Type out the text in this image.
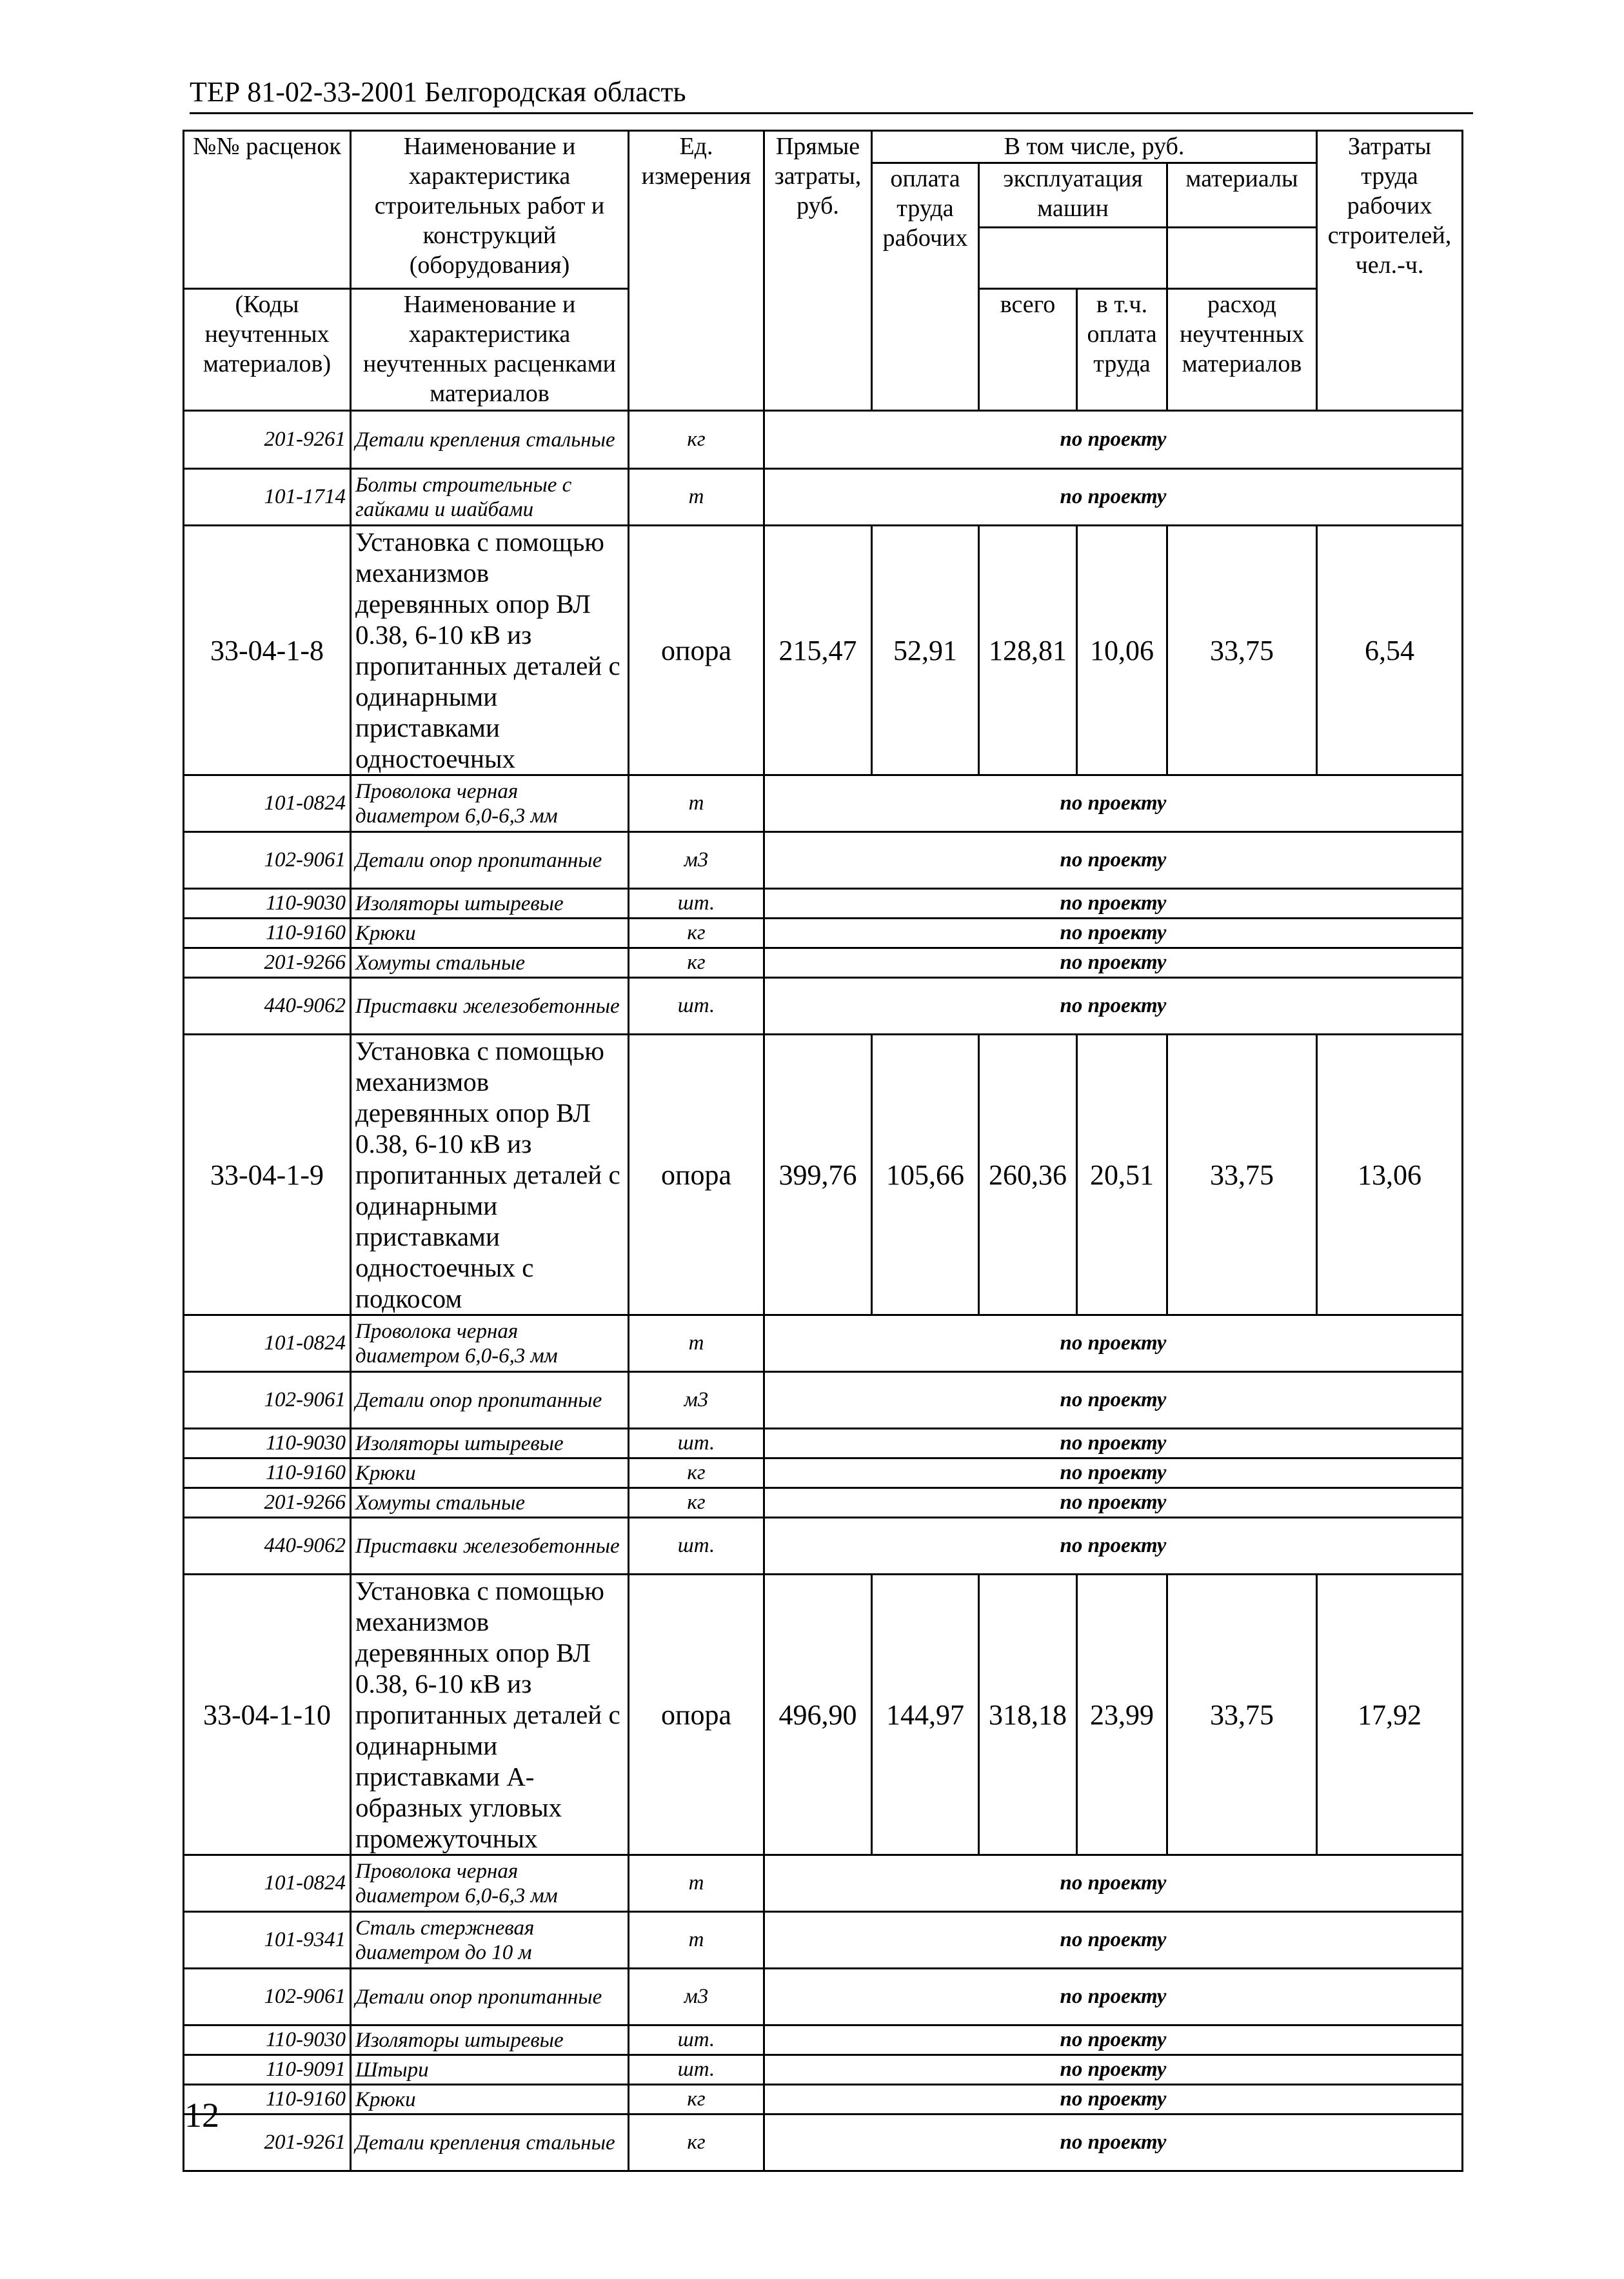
ТЕР 81-02-33-2001 Белгородская область
№№ расценок	Наименование и характеристика строительных работ и конструкций (оборудования)	Ед. измерения	Прямые затраты, руб.	В том числе, руб.				Затраты труда рабочих строителей, чел.-ч.
				оплата труда рабочих	эксплуатация машин		материалы	

(Коды неучтенных материалов)	Наименование и характеристика неучтенных расценками материалов				всего	в т.ч. оплата труда	расход неучтенных материалов	

201-9261	Детали крепления стальные	кг	по проекту					
101-1714	Болты строительные с гайками и шайбами	т	по проекту					
33-04-1-8	Установка с помощью механизмов деревянных опор ВЛ 0.38, 6-10 кВ из пропитанных деталей с одинарными приставками одностоечных	опора	215,47	52,91	128,81	10,06	33,75	6,54
101-0824	Проволока черная диаметром 6,0-6,3 мм	т	по проекту					
102-9061	Детали опор пропитанные	м3	по проекту					
110-9030	Изоляторы штыревые	шт.	по проекту					
110-9160	Крюки	кг	по проекту					
201-9266	Хомуты стальные	кг	по проекту					
440-9062	Приставки железобетонные	шт.	по проекту					
33-04-1-9	Установка с помощью механизмов деревянных опор ВЛ 0.38, 6-10 кВ из пропитанных деталей с одинарными приставками одностоечных с подкосом	опора	399,76	105,66	260,36	20,51	33,75	13,06
101-0824	Проволока черная диаметром 6,0-6,3 мм	т	по проекту					
102-9061	Детали опор пропитанные	м3	по проекту					
110-9030	Изоляторы штыревые	шт.	по проекту					
110-9160	Крюки	кг	по проекту					
201-9266	Хомуты стальные	кг	по проекту					
440-9062	Приставки железобетонные	шт.	по проекту					
33-04-1-10	Установка с помощью механизмов деревянных опор ВЛ 0.38, 6-10 кВ из пропитанных деталей с одинарными приставками А- образных угловых промежуточных	опора	496,90	144,97	318,18	23,99	33,75	17,92
101-0824	Проволока черная диаметром 6,0-6,3 мм	т	по проекту					
101-9341	Сталь стержневая диаметром до 10 м	т	по проекту					
102-9061	Детали опор пропитанные	м3	по проекту					
110-9030	Изоляторы штыревые	шт.	по проекту					
110-9091	Штыри	шт.	по проекту					
110-9160	Крюки	кг	по проекту					
201-9261	Детали крепления стальные	кг	по проекту					
12
